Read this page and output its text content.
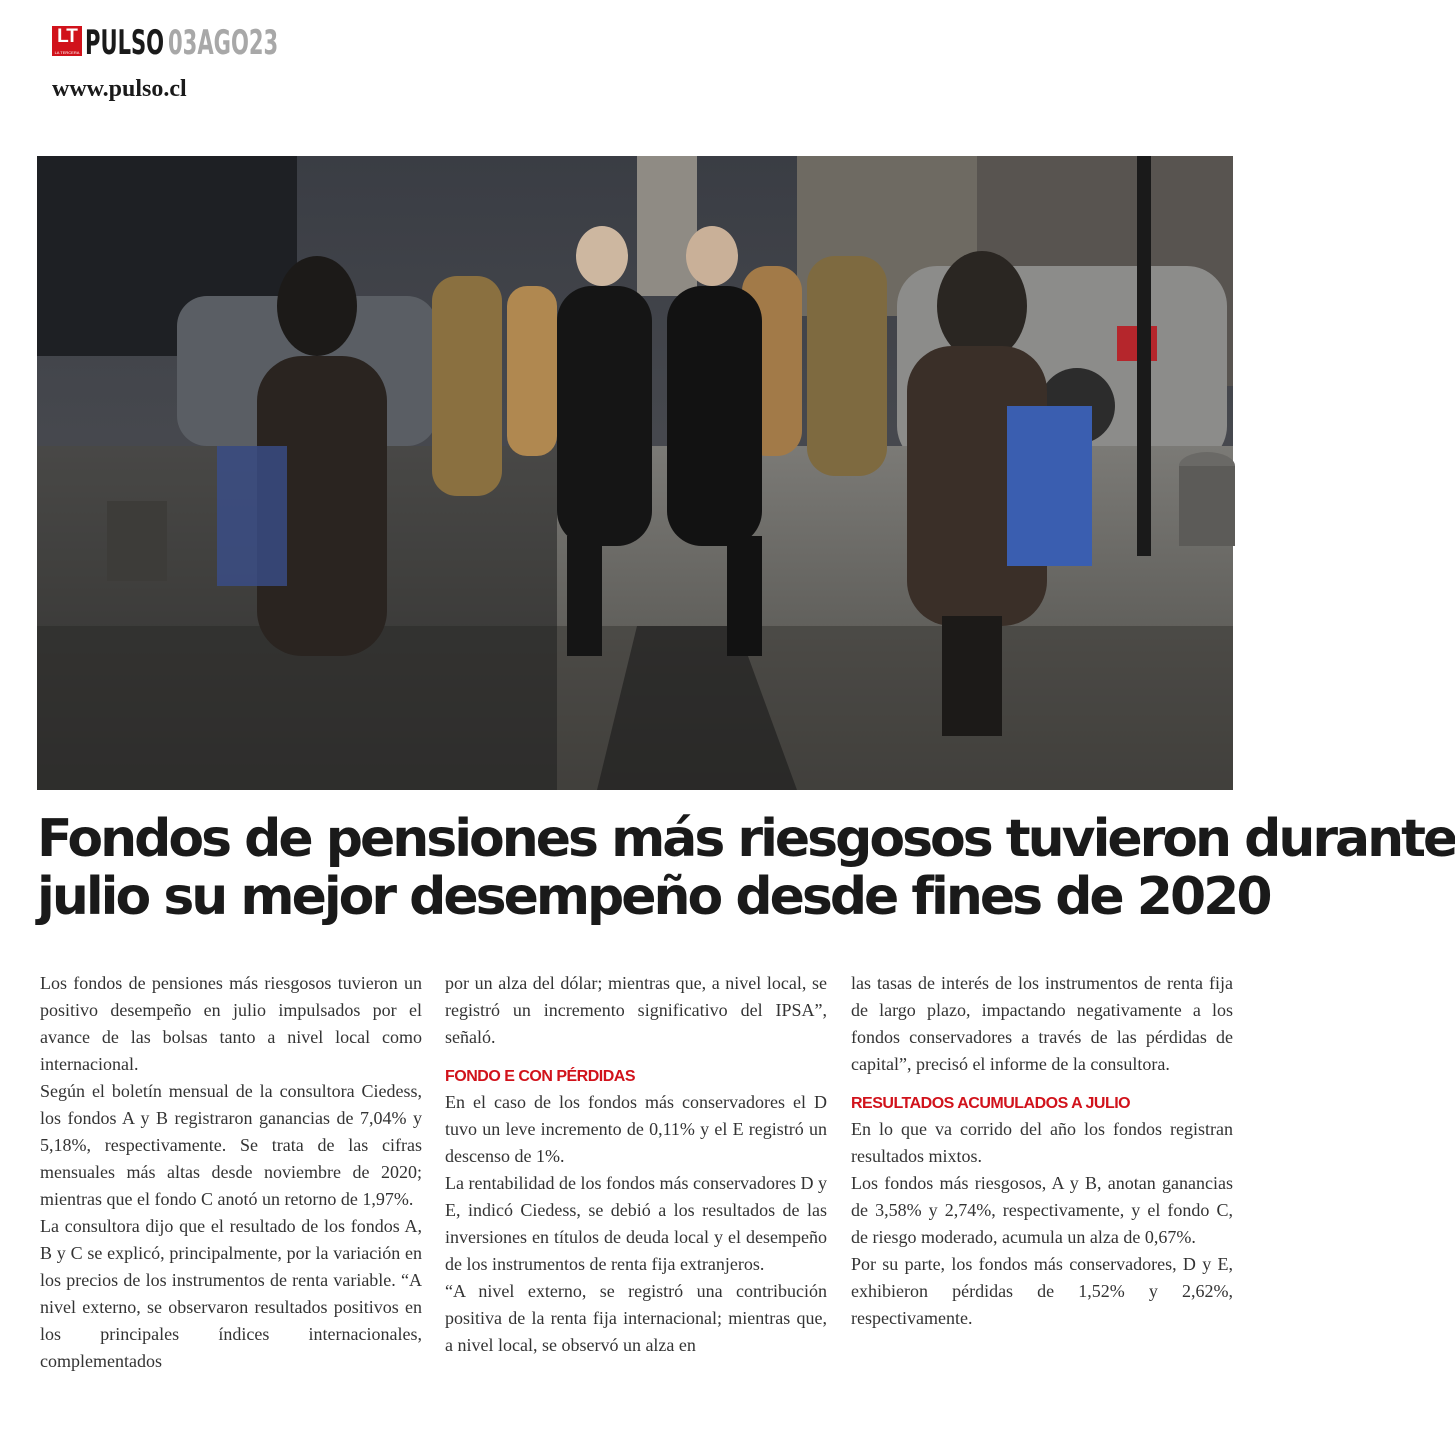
LT
LA TERCERA PULSO 03AGO23
www.pulso.cl
Fondos de pensiones más riesgosos tuvieron durante
julio su mejor desempeño desde fines de 2020

Los fondos de pensiones más riesgosos tuvieron un positivo desempeño en julio impulsados por el avance de las bolsas tanto a nivel local como internacional.

Según el boletín mensual de la consultora Ciedess, los fondos A y B registraron ganancias de 7,04% y 5,18%, respectivamente. Se trata de las cifras mensuales más altas desde noviembre de 2020; mientras que el fondo C anotó un retorno de 1,97%.

La consultora dijo que el resultado de los fondos A, B y C se explicó, principalmente, por la variación en los precios de los instrumentos de renta variable. “A nivel externo, se observaron resultados positivos en los principales índices internacionales, complementados

por un alza del dólar; mientras que, a nivel local, se registró un incremento significativo del IPSA”, señaló.

FONDO E CON PÉRDIDAS

En el caso de los fondos más conservadores el D tuvo un leve incremento de 0,11% y el E registró un descenso de 1%.

La rentabilidad de los fondos más conservadores D y E, indicó Ciedess, se debió a los resultados de las inversiones en títulos de deuda local y el desempeño de los instrumentos de renta fija extranjeros.

“A nivel externo, se registró una contribución positiva de la renta fija internacional; mientras que, a nivel local, se observó un alza en

las tasas de interés de los instrumentos de renta fija de largo plazo, impactando negativamente a los fondos conservadores a través de las pérdidas de capital”, precisó el informe de la consultora.

RESULTADOS ACUMULADOS A JULIO

En lo que va corrido del año los fondos registran resultados mixtos.

Los fondos más riesgosos, A y B, anotan ganancias de 3,58% y 2,74%, respectivamente, y el fondo C, de riesgo moderado, acumula un alza de 0,67%.

Por su parte, los fondos más conservadores, D y E, exhibieron pérdidas de 1,52% y 2,62%, respectivamente.
